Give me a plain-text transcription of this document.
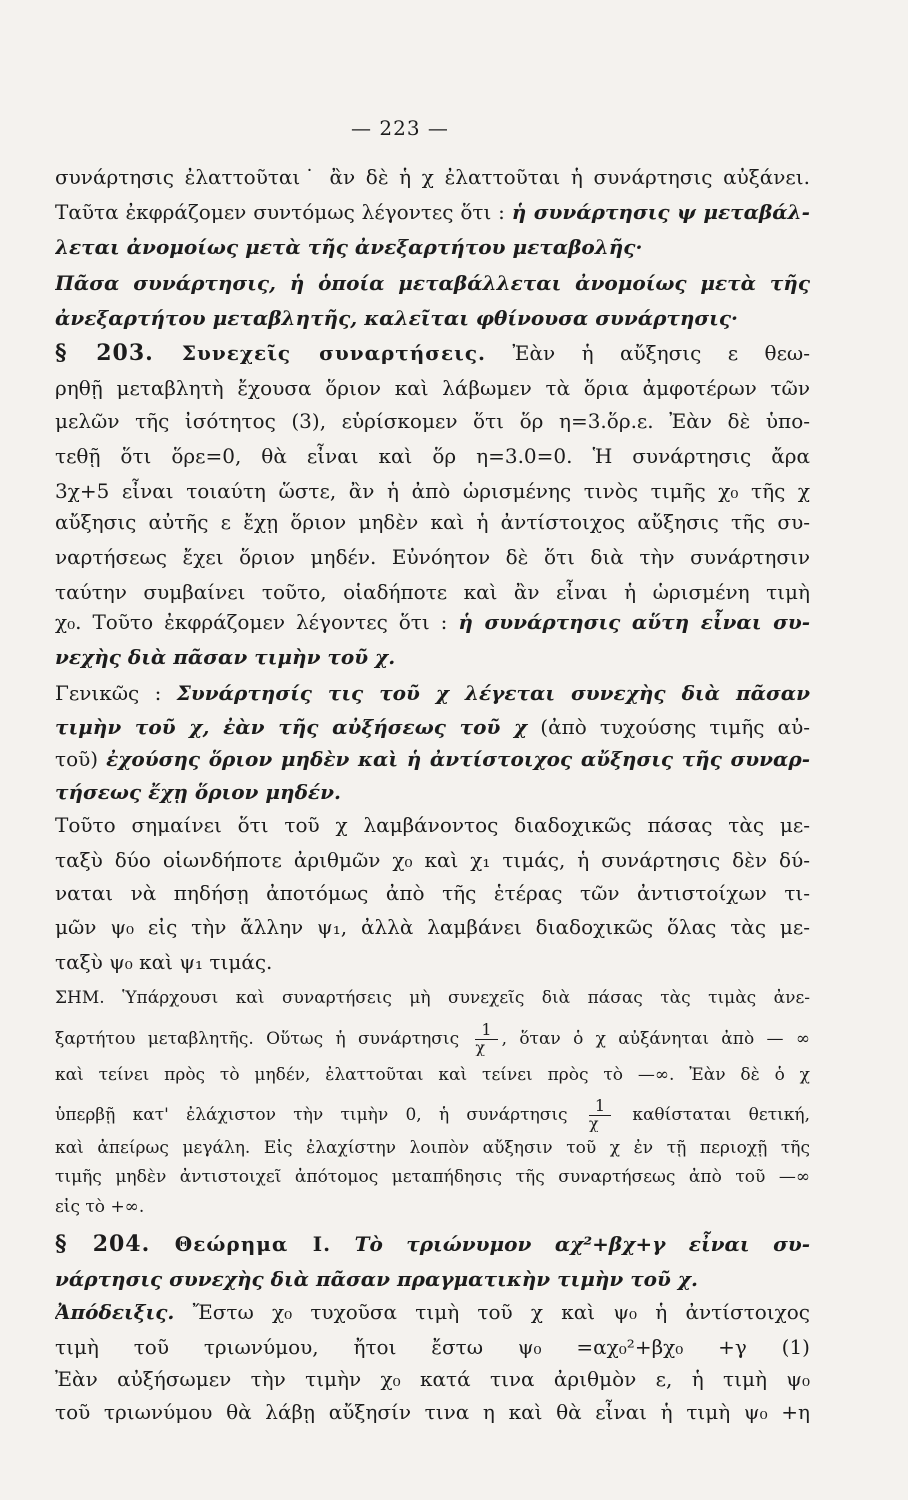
— 223 —
συνάρτησις ἐλαττοῦται˙ ἂν δὲ ἡ χ ἐλαττοῦται ἡ συνάρτησις αὐξάνει.
Ταῦτα ἐκφράζομεν συντόμως λέγοντες ὅτι : ἡ συνάρτησις ψ μεταβάλ-
λεται ἀνομοίως μετὰ τῆς ἀνεξαρτήτου μεταβολῆς·
Πᾶσα συνάρτησις, ἡ ὁποία μεταβάλλεται ἀνομοίως μετὰ τῆς
ἀνεξαρτήτου μεταβλητῆς, καλεῖται φθίνουσα συνάρτησις·
§ 203. Συνεχεῖς συναρτήσεις. Ἐὰν ἡ αὔξησις ε θεω-
ρηθῇ μεταβλητὴ ἔχουσα ὅριον καὶ λάβωμεν τὰ ὅρια ἀμφοτέρων τῶν
μελῶν τῆς ἰσότητος (3), εὑρίσκομεν ὅτι ὅρ η=3.ὅρ.ε. Ἐὰν δὲ ὑπο-
τεθῇ ὅτι ὅρε=0, θὰ εἶναι καὶ ὅρ η=3.0=0. Ἡ συνάρτησις ἄρα
3χ+5 εἶναι τοιαύτη ὥστε, ἂν ἡ ἀπὸ ὡρισμένης τινὸς τιμῆς χ₀ τῆς χ
αὔξησις αὐτῆς ε ἔχῃ ὅριον μηδὲν καὶ ἡ ἀντίστοιχος αὔξησις τῆς συ-
ναρτήσεως ἔχει ὅριον μηδέν. Εὐνόητον δὲ ὅτι διὰ τὴν συνάρτησιν
ταύτην συμβαίνει τοῦτο, οἱαδήποτε καὶ ἂν εἶναι ἡ ὡρισμένη τιμὴ
χ₀. Τοῦτο ἐκφράζομεν λέγοντες ὅτι : ἡ συνάρτησις αὕτη εἶναι συ-
νεχὴς διὰ πᾶσαν τιμὴν τοῦ χ.
Γενικῶς : Συνάρτησίς τις τοῦ χ λέγεται συνεχὴς διὰ πᾶσαν
τιμὴν τοῦ χ, ἐὰν τῆς αὐξήσεως τοῦ χ (ἀπὸ τυχούσης τιμῆς αὐ-
τοῦ) ἐχούσης ὅριον μηδὲν καὶ ἡ ἀντίστοιχος αὔξησις τῆς συναρ-
τήσεως ἔχῃ ὅριον μηδέν.
Τοῦτο σημαίνει ὅτι τοῦ χ λαμβάνοντος διαδοχικῶς πάσας τὰς με-
ταξὺ δύο οἱωνδήποτε ἀριθμῶν χ₀ καὶ χ₁ τιμάς, ἡ συνάρτησις δὲν δύ-
ναται νὰ πηδήσῃ ἀποτόμως ἀπὸ τῆς ἑτέρας τῶν ἀντιστοίχων τι-
μῶν ψ₀ εἰς τὴν ἄλλην ψ₁, ἀλλὰ λαμβάνει διαδοχικῶς ὅλας τὰς με-
ταξὺ ψ₀ καὶ ψ₁ τιμάς.
ΣΗΜ. Ὑπάρχουσι καὶ συναρτήσεις μὴ συνεχεῖς διὰ πάσας τὰς τιμὰς ἀνε-
ξαρτήτου μεταβλητῆς. Οὕτως ἡ συνάρτησις $\frac{1}{\chi}$ , ὅταν ὁ χ αὐξάνηται ἀπὸ — ∞
καὶ τείνει πρὸς τὸ μηδέν, ἐλαττοῦται καὶ τείνει πρὸς τὸ —∞. Ἐὰν δὲ ὁ χ
ὑπερβῇ κατ' ἐλάχιστον τὴν τιμὴν 0, ἡ συνάρτησις $\frac{1}{\chi}$ καθίσταται θετική,
καὶ ἀπείρως μεγάλη. Εἰς ἐλαχίστην λοιπὸν αὔξησιν τοῦ χ ἐν τῇ περιοχῇ τῆς
τιμῆς μηδὲν ἀντιστοιχεῖ ἀπότομος μεταπήδησις τῆς συναρτήσεως ἀπὸ τοῦ —∞
εἰς τὸ +∞.
§ 204. Θεώρημα Ι. Τὸ τριώνυμον αχ²+βχ+γ εἶναι συ-
νάρτησις συνεχὴς διὰ πᾶσαν πραγματικὴν τιμὴν τοῦ χ.
Ἀπόδειξις. Ἔστω χ₀ τυχοῦσα τιμὴ τοῦ χ καὶ ψ₀ ἡ ἀντίστοιχος
τιμὴ τοῦ τριωνύμου, ἤτοι ἔστω ψ₀ =αχ₀²+βχ₀ +γ (1)
Ἐὰν αὐξήσωμεν τὴν τιμὴν χ₀ κατά τινα ἀριθμὸν ε, ἡ τιμὴ ψ₀
τοῦ τριωνύμου θὰ λάβῃ αὔξησίν τινα η καὶ θὰ εἶναι ἡ τιμὴ ψ₀ +η
